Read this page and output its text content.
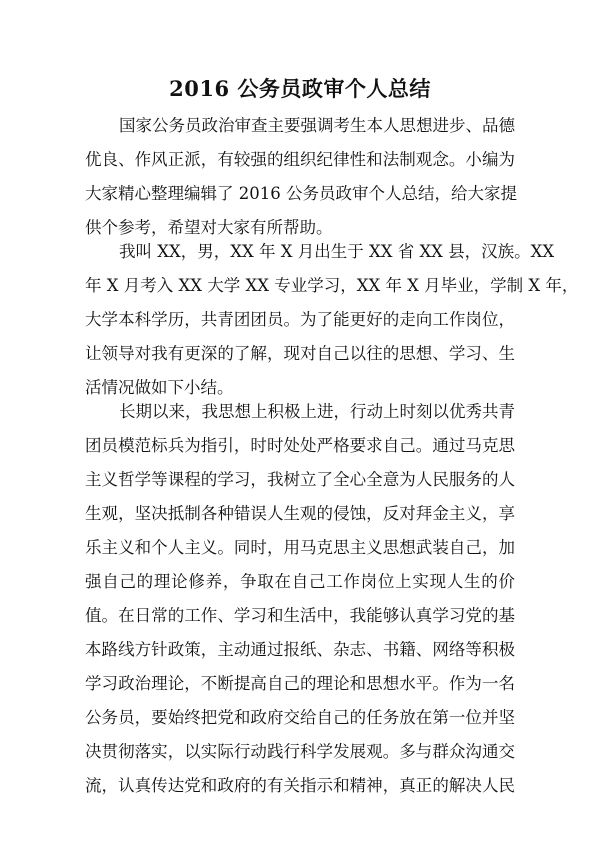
2016 公务员政审个人总结
国家公务员政治审查主要强调考生本人思想进步、品德
优良、作风正派，有较强的组织纪律性和法制观念。小编为
大家精心整理编辑了 2016 公务员政审个人总结，给大家提
供个参考，希望对大家有所帮助。
我叫 XX，男，XX 年 X 月出生于 XX 省 XX 县，汉族。XX
年 X 月考入 XX 大学 XX 专业学习，XX 年 X 月毕业，学制 X 年，
大学本科学历，共青团团员。为了能更好的走向工作岗位，
让领导对我有更深的了解，现对自己以往的思想、学习、生
活情况做如下小结。
长期以来，我思想上积极上进，行动上时刻以优秀共青
团员模范标兵为指引，时时处处严格要求自己。通过马克思
主义哲学等课程的学习，我树立了全心全意为人民服务的人
生观，坚决抵制各种错误人生观的侵蚀，反对拜金主义，享
乐主义和个人主义。同时，用马克思主义思想武装自己，加
强自己的理论修养，争取在自己工作岗位上实现人生的价
值。在日常的工作、学习和生活中，我能够认真学习党的基
本路线方针政策，主动通过报纸、杂志、书籍、网络等积极
学习政治理论，不断提高自己的理论和思想水平。作为一名
公务员，要始终把党和政府交给自己的任务放在第一位并坚
决贯彻落实，以实际行动践行科学发展观。多与群众沟通交
流，认真传达党和政府的有关指示和精神，真正的解决人民
